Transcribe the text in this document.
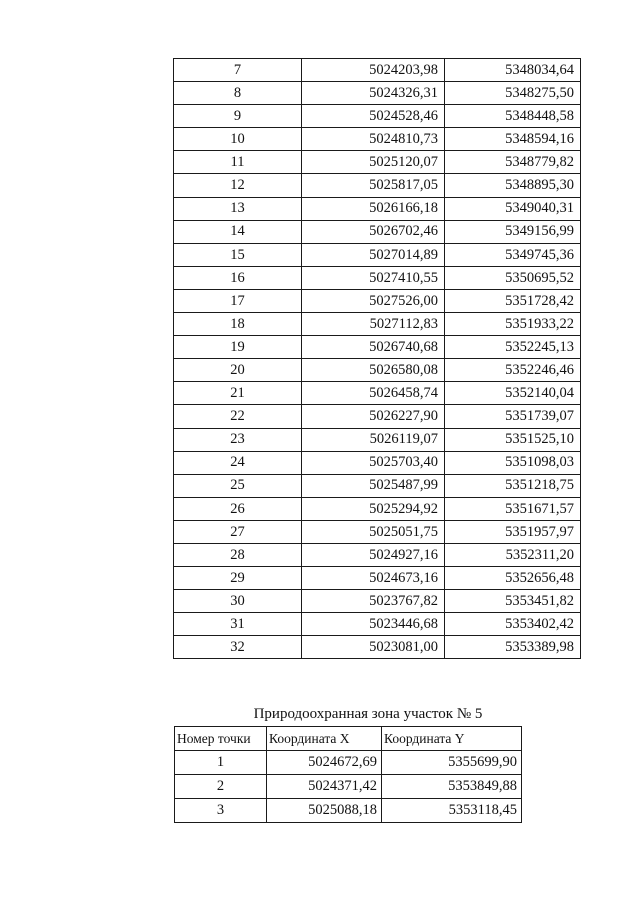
7	5024203,98	5348034,64
8	5024326,31	5348275,50
9	5024528,46	5348448,58
10	5024810,73	5348594,16
11	5025120,07	5348779,82
12	5025817,05	5348895,30
13	5026166,18	5349040,31
14	5026702,46	5349156,99
15	5027014,89	5349745,36
16	5027410,55	5350695,52
17	5027526,00	5351728,42
18	5027112,83	5351933,22
19	5026740,68	5352245,13
20	5026580,08	5352246,46
21	5026458,74	5352140,04
22	5026227,90	5351739,07
23	5026119,07	5351525,10
24	5025703,40	5351098,03
25	5025487,99	5351218,75
26	5025294,92	5351671,57
27	5025051,75	5351957,97
28	5024927,16	5352311,20
29	5024673,16	5352656,48
30	5023767,82	5353451,82
31	5023446,68	5353402,42
32	5023081,00	5353389,98
Природоохранная зона участок № 5
Номер точки	Координата X	Координата Y
1	5024672,69	5355699,90
2	5024371,42	5353849,88
3	5025088,18	5353118,45
